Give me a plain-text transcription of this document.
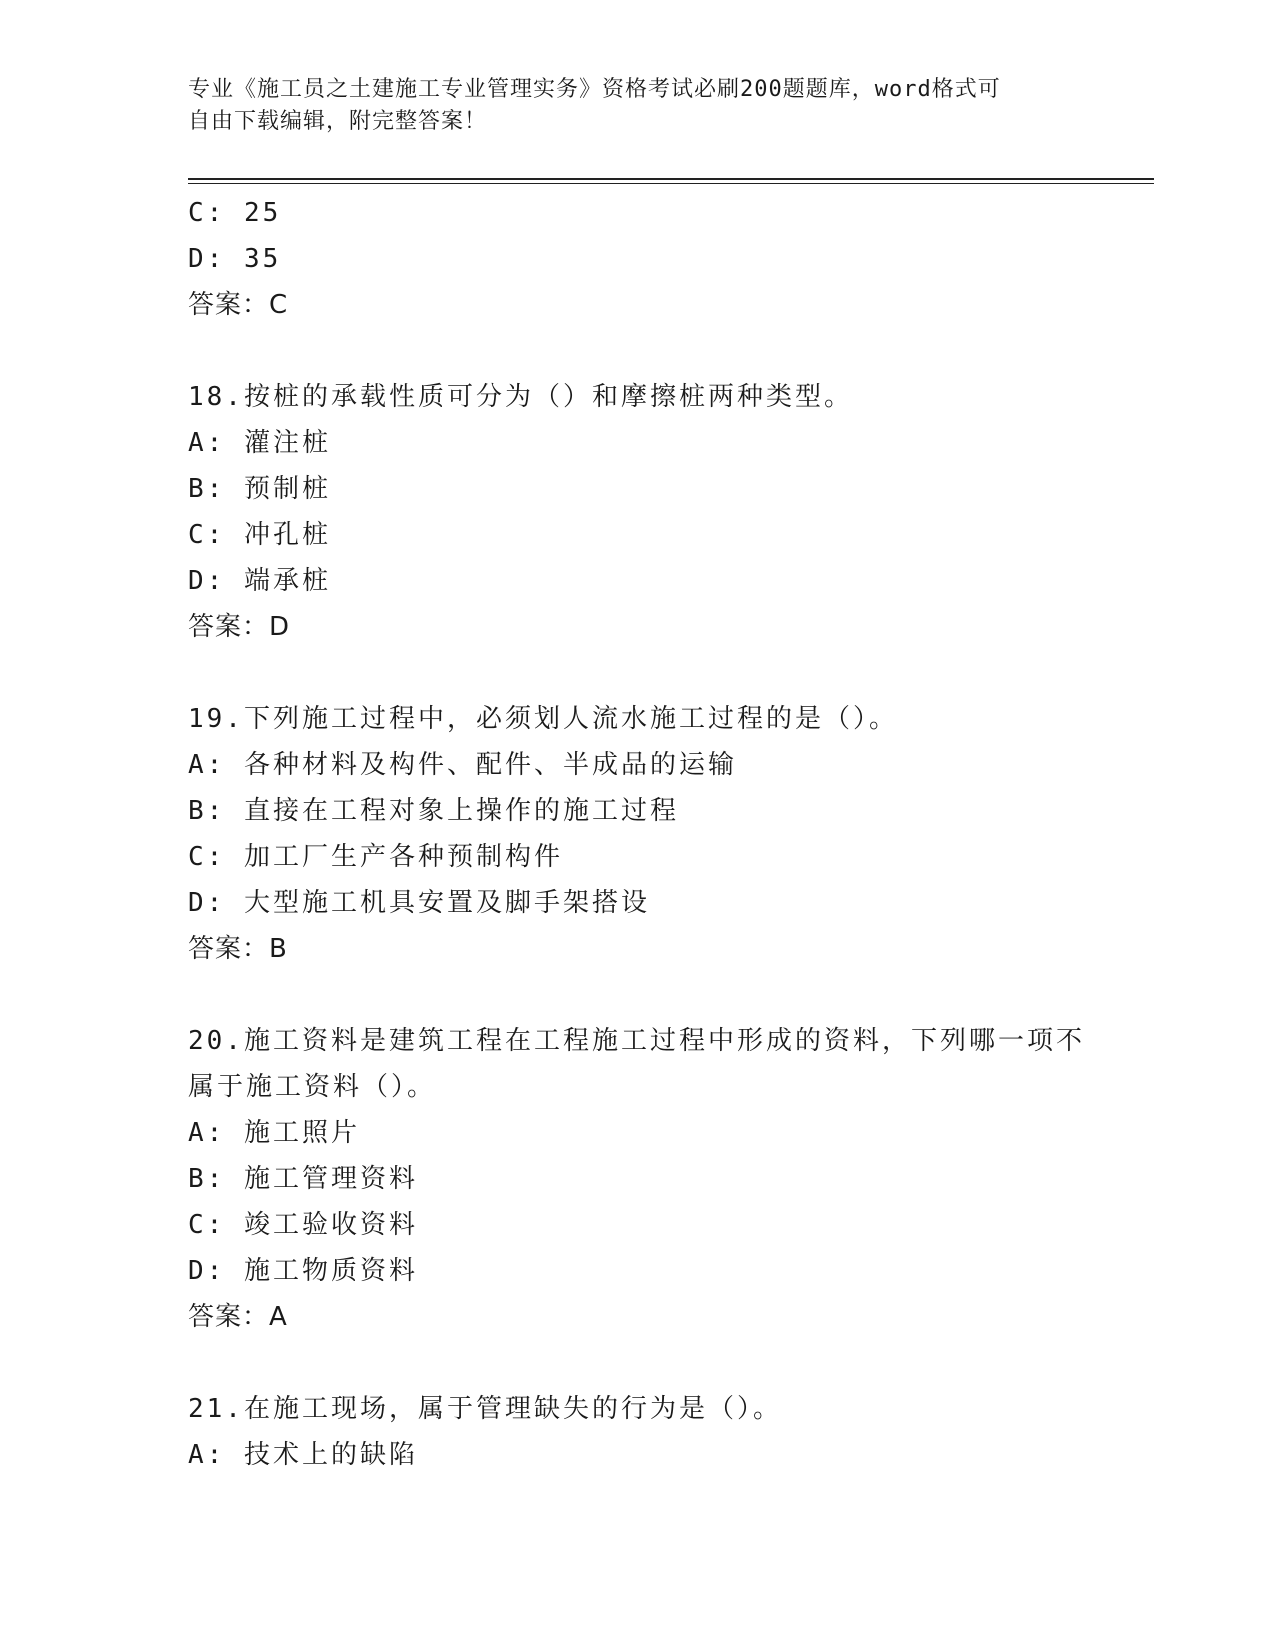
专业《施工员之土建施工专业管理实务》资格考试必刷200题题库，word格式可
自由下载编辑，附完整答案！
C: 25
D: 35
答案：C
18.按桩的承载性质可分为（）和摩擦桩两种类型。
A: 灌注桩
B: 预制桩
C: 冲孔桩
D: 端承桩
答案：D
19.下列施工过程中，必须划人流水施工过程的是（）。
A: 各种材料及构件、配件、半成品的运输
B: 直接在工程对象上操作的施工过程
C: 加工厂生产各种预制构件
D: 大型施工机具安置及脚手架搭设
答案：B
20.施工资料是建筑工程在工程施工过程中形成的资料，下列哪一项不
属于施工资料（）。
A: 施工照片
B: 施工管理资料
C: 竣工验收资料
D: 施工物质资料
答案：A
21.在施工现场，属于管理缺失的行为是（）。
A: 技术上的缺陷
